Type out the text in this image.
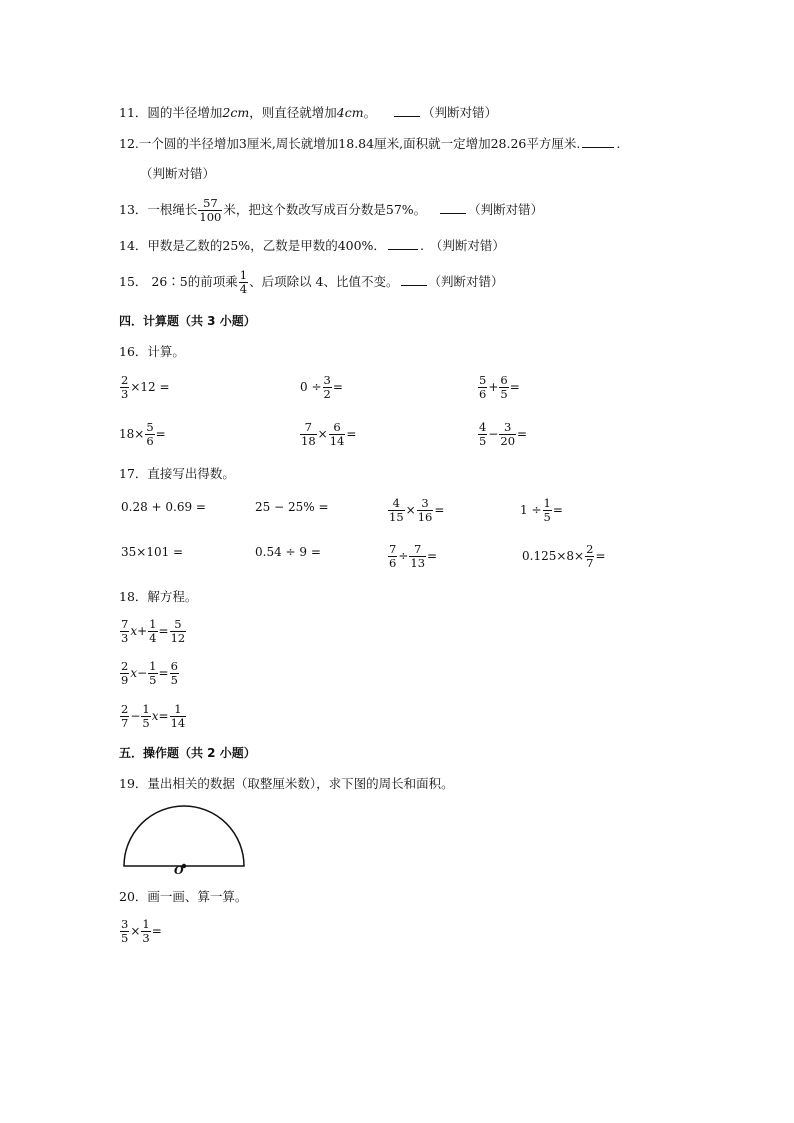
11．圆的半径增加2cm，则直径就增加4cm。	（判断对错）
12.一个圆的半径增加3厘米,周长就增加18.84厘米,面积就一定增加28.26平方厘米.	.
（判断对错）
13．一根绳长 $\frac{57}{100}$ 米，把这个数改写成百分数是57%。	（判断对错）
14．甲数是乙数的25%，乙数是甲数的400%．	. （判断对错）
15． 26∶5的前项乘 $\frac{1}{4}$ 、后项除以 4、比值不变。 （判断对错）
四．计算题（共 3 小题）
16．计算。
$\frac{2}{3} \times 12$ =	$0 \div \frac{3}{2}$ =	$\frac{5}{6} + \frac{6}{5}$ =
$18\times \frac{5}{6}$ =	$\frac{7}{18} \times \frac{6}{14}$ =	$\frac{4}{5} - \frac{3}{20}$ =
17．直接写出得数。
0.28 + 0.69 =	25 − 25% =	$\frac{4}{15} \times \frac{3}{16}$ =	$1 \div \frac{1}{5}$ =
35×101 =	0.54 ÷ 9 =	$\frac{7}{6} \div \frac{7}{13}$ =	$0.125\times 8\times \frac{2}{7}$ =
18．解方程。
$\frac{7}{3} x+ \frac{1}{4} = \frac{5}{12}$
$\frac{2}{9} x- \frac{1}{5} = \frac{6}{5}$
$\frac{2}{7} - \frac{1}{5} x= \frac{1}{14}$
五．操作题（共 2 小题）
19．量出相关的数据（取整厘米数），求下图的周长和面积。
O
20．画一画、算一算。
$\frac{3}{5} \times \frac{1}{3}$ =
